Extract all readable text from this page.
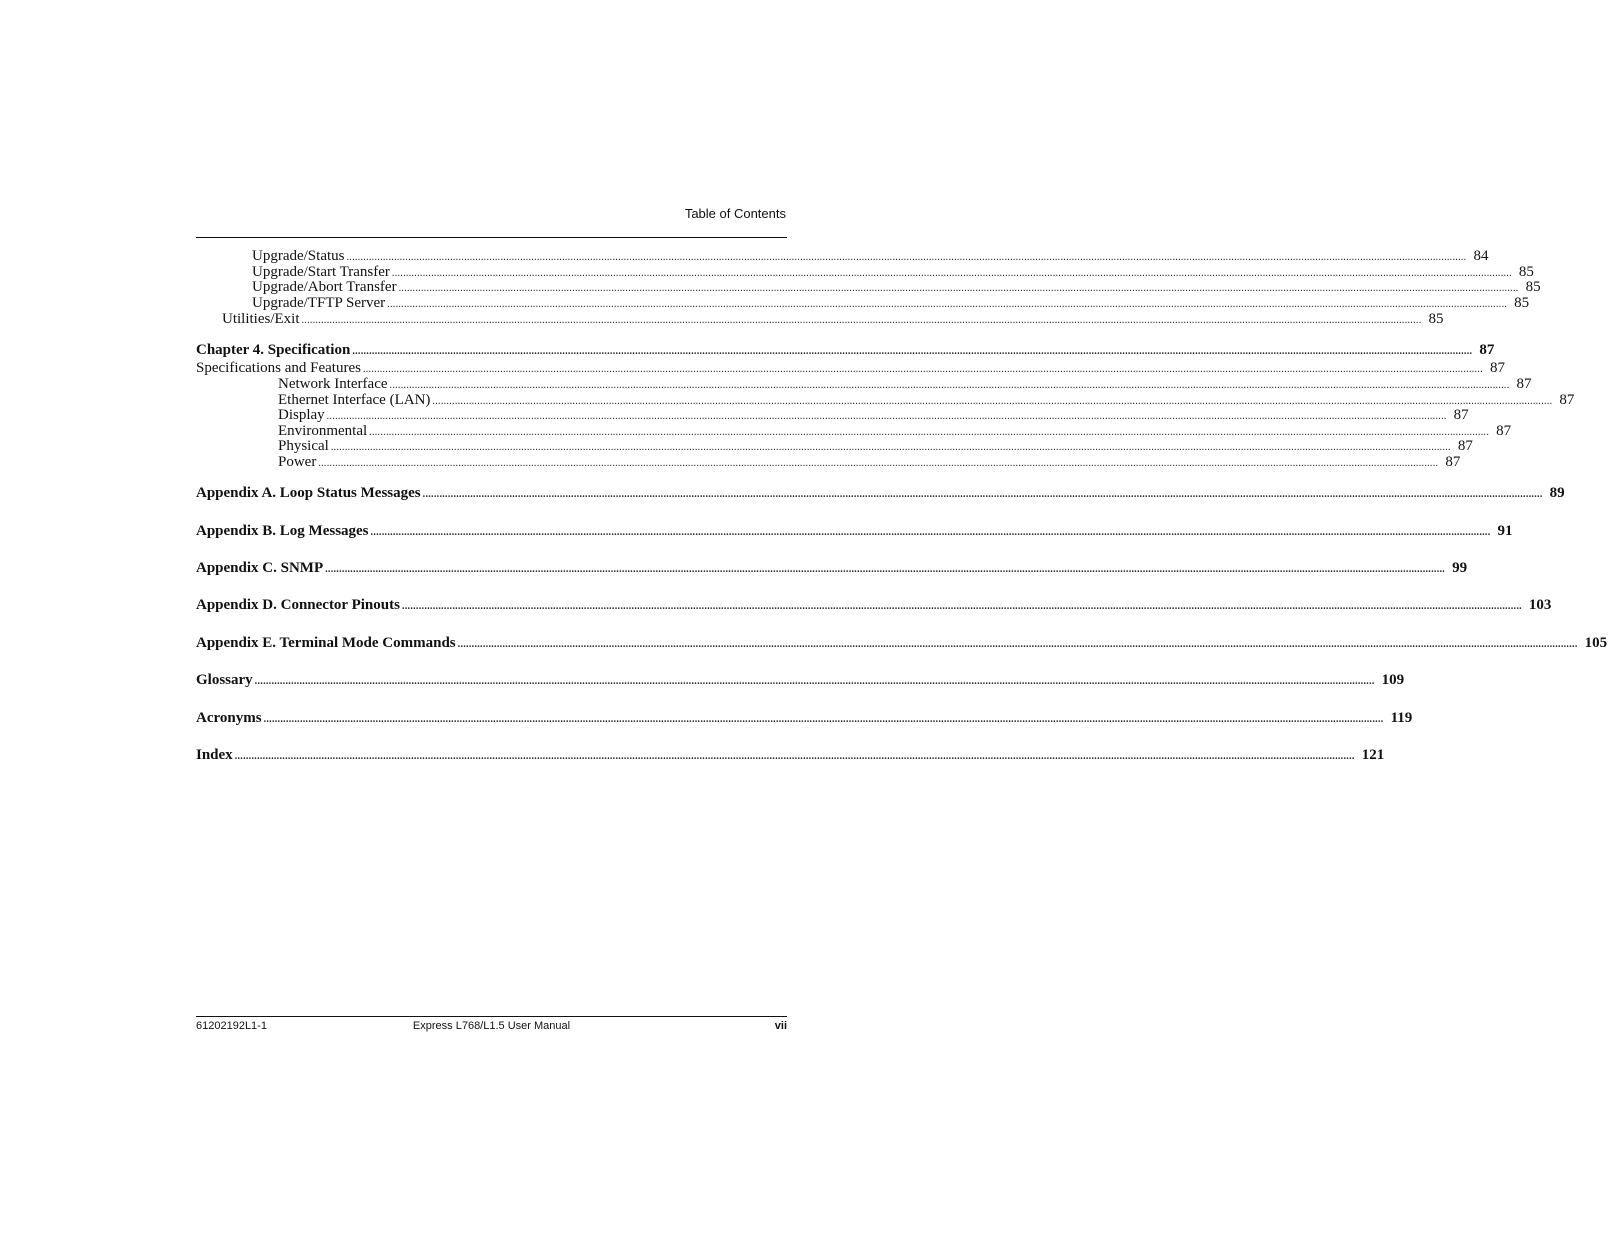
Table of Contents
Upgrade/Status ................................................................................................................................................................................................................................................................................................................................................................................................................ 84
Upgrade/Start Transfer ................................................................................................................................................................................................................................................................................................................................................................................................................ 85
Upgrade/Abort Transfer ................................................................................................................................................................................................................................................................................................................................................................................................................ 85
Upgrade/TFTP Server ................................................................................................................................................................................................................................................................................................................................................................................................................ 85
Utilities/Exit ................................................................................................................................................................................................................................................................................................................................................................................................................ 85
Chapter 4. Specification ................................................................................................................................................................................................................................................................................................................................................................................................................ 87
Specifications and Features ................................................................................................................................................................................................................................................................................................................................................................................................................ 87
Network Interface ................................................................................................................................................................................................................................................................................................................................................................................................................ 87
Ethernet Interface (LAN) ................................................................................................................................................................................................................................................................................................................................................................................................................ 87
Display ................................................................................................................................................................................................................................................................................................................................................................................................................ 87
Environmental ................................................................................................................................................................................................................................................................................................................................................................................................................ 87
Physical ................................................................................................................................................................................................................................................................................................................................................................................................................ 87
Power ................................................................................................................................................................................................................................................................................................................................................................................................................ 87
Appendix A. Loop Status Messages ................................................................................................................................................................................................................................................................................................................................................................................................................ 89
Appendix B. Log Messages ................................................................................................................................................................................................................................................................................................................................................................................................................ 91
Appendix C. SNMP ................................................................................................................................................................................................................................................................................................................................................................................................................ 99
Appendix D. Connector Pinouts ................................................................................................................................................................................................................................................................................................................................................................................................................ 103
Appendix E. Terminal Mode Commands ................................................................................................................................................................................................................................................................................................................................................................................................................ 105
Glossary ................................................................................................................................................................................................................................................................................................................................................................................................................ 109
Acronyms ................................................................................................................................................................................................................................................................................................................................................................................................................ 119
Index ................................................................................................................................................................................................................................................................................................................................................................................................................ 121
61202192L1-1	Express L768/L1.5 User Manual	vii
